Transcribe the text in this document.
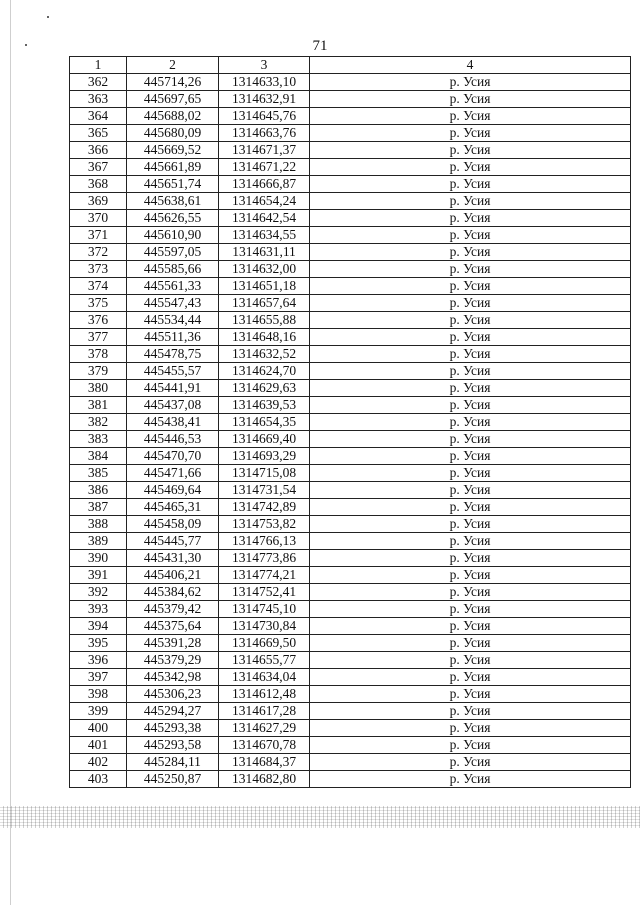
71
1	2	3	4
362	445714,26	1314633,10	р. Усия
363	445697,65	1314632,91	р. Усия
364	445688,02	1314645,76	р. Усия
365	445680,09	1314663,76	р. Усия
366	445669,52	1314671,37	р. Усия
367	445661,89	1314671,22	р. Усия
368	445651,74	1314666,87	р. Усия
369	445638,61	1314654,24	р. Усия
370	445626,55	1314642,54	р. Усия
371	445610,90	1314634,55	р. Усия
372	445597,05	1314631,11	р. Усия
373	445585,66	1314632,00	р. Усия
374	445561,33	1314651,18	р. Усия
375	445547,43	1314657,64	р. Усия
376	445534,44	1314655,88	р. Усия
377	445511,36	1314648,16	р. Усия
378	445478,75	1314632,52	р. Усия
379	445455,57	1314624,70	р. Усия
380	445441,91	1314629,63	р. Усия
381	445437,08	1314639,53	р. Усия
382	445438,41	1314654,35	р. Усия
383	445446,53	1314669,40	р. Усия
384	445470,70	1314693,29	р. Усия
385	445471,66	1314715,08	р. Усия
386	445469,64	1314731,54	р. Усия
387	445465,31	1314742,89	р. Усия
388	445458,09	1314753,82	р. Усия
389	445445,77	1314766,13	р. Усия
390	445431,30	1314773,86	р. Усия
391	445406,21	1314774,21	р. Усия
392	445384,62	1314752,41	р. Усия
393	445379,42	1314745,10	р. Усия
394	445375,64	1314730,84	р. Усия
395	445391,28	1314669,50	р. Усия
396	445379,29	1314655,77	р. Усия
397	445342,98	1314634,04	р. Усия
398	445306,23	1314612,48	р. Усия
399	445294,27	1314617,28	р. Усия
400	445293,38	1314627,29	р. Усия
401	445293,58	1314670,78	р. Усия
402	445284,11	1314684,37	р. Усия
403	445250,87	1314682,80	р. Усия
